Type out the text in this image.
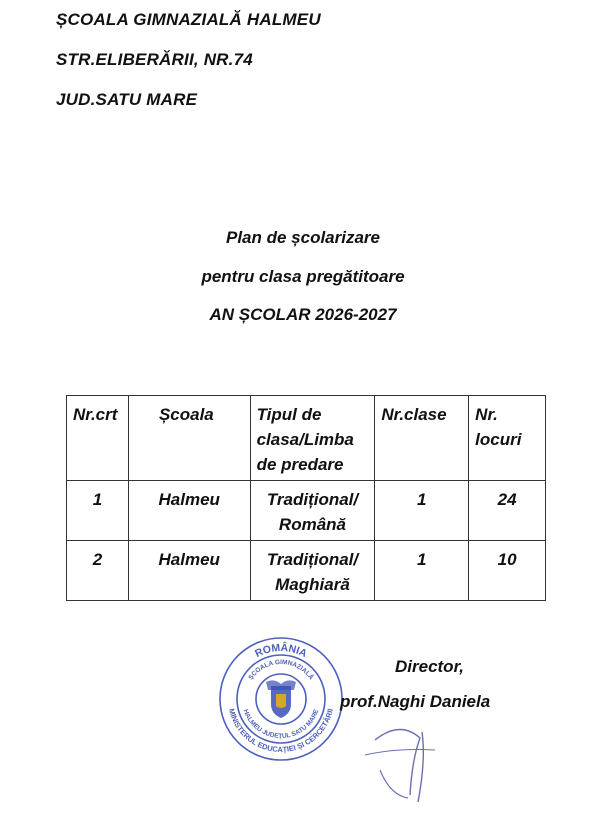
ȘCOALA GIMNAZIALĂ HALMEU
STR.ELIBERĂRII, NR.74
JUD.SATU MARE
Plan de școlarizare
pentru clasa pregătitoare
AN ȘCOLAR 2026-2027
Nr.crt	Școala	Tipul de clasa/Limba de predare	Nr.clase	Nr. locuri
1	Halmeu	Tradițional/ Română	1	24
2	Halmeu	Tradițional/ Maghiară	1	10
ROMÂNIA
MINISTERUL EDUCAȚIEI ȘI CERCETĂRII
ȘCOALA GIMNAZIALĂ
HALMEU JUDEȚUL SATU MARE
Director,
prof.Naghi Daniela
